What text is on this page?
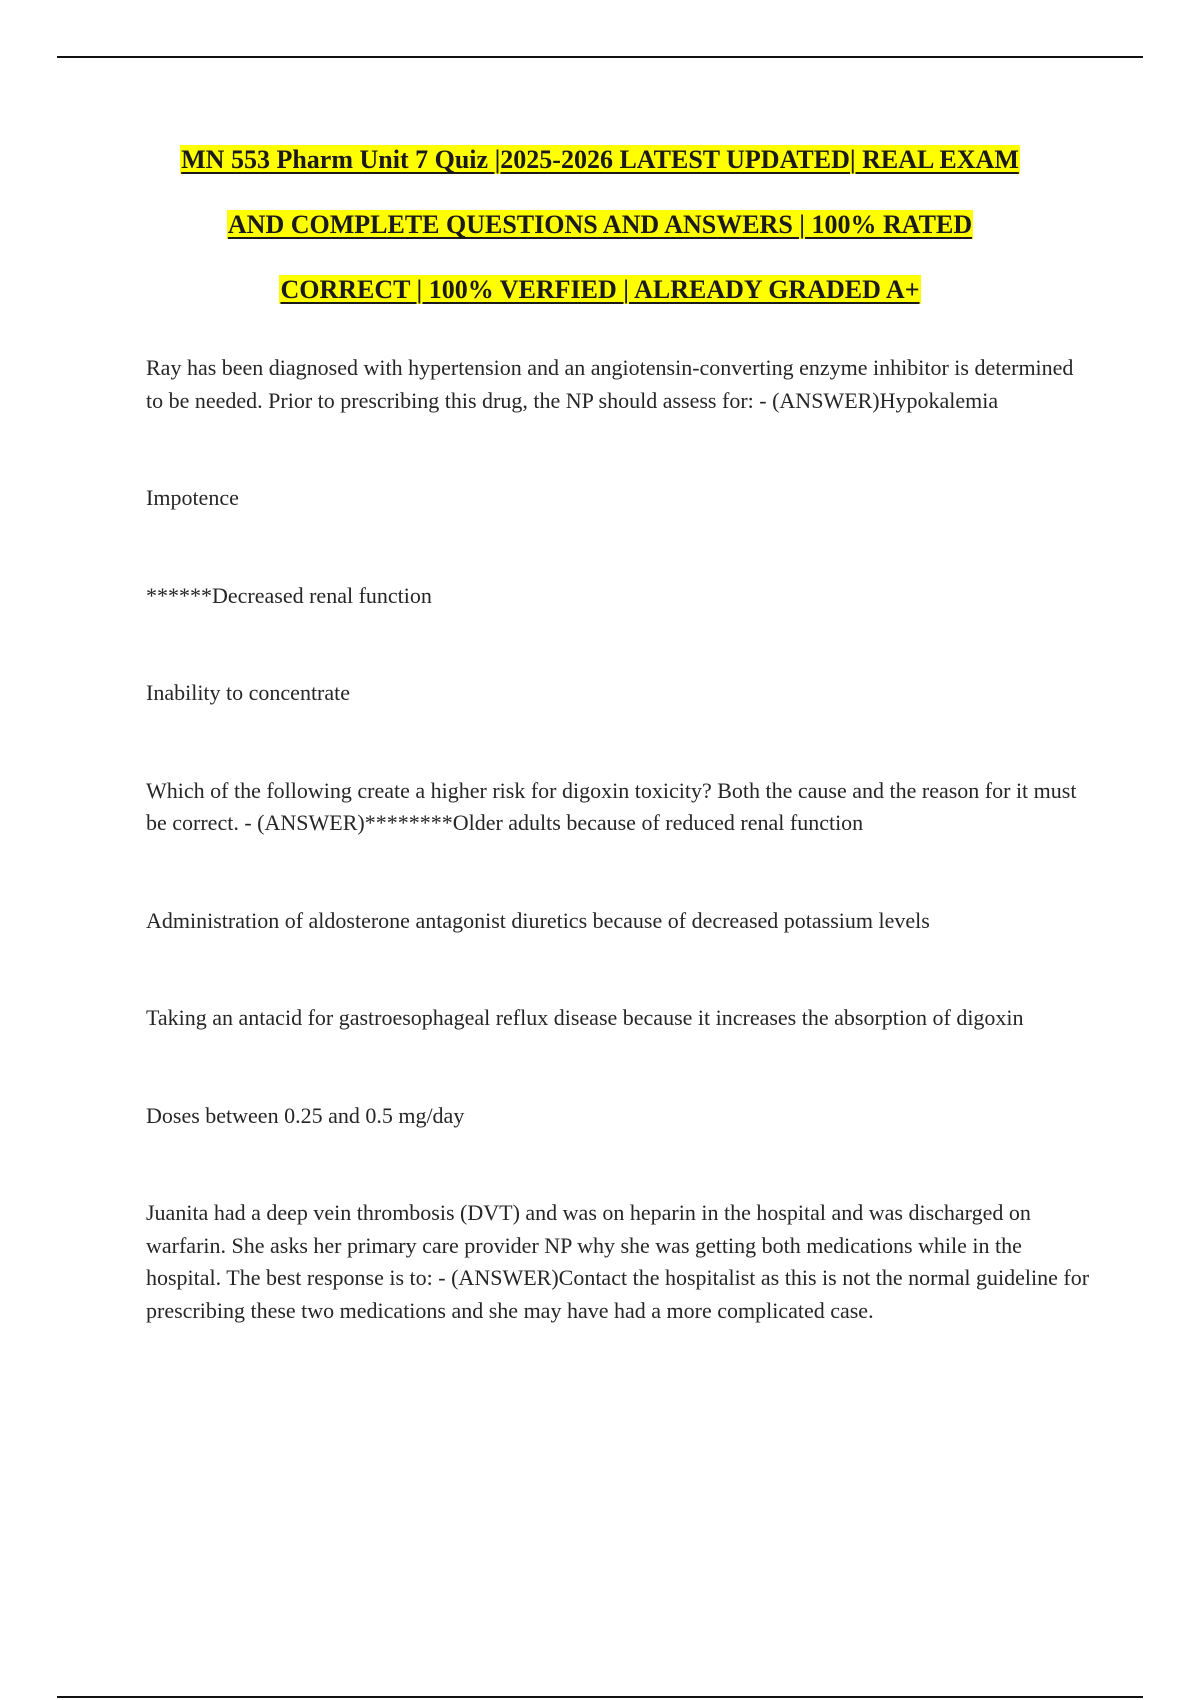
MN 553 Pharm Unit 7 Quiz |2025-2026 LATEST UPDATED| REAL EXAM
AND COMPLETE QUESTIONS AND ANSWERS | 100% RATED
CORRECT | 100% VERFIED | ALREADY GRADED A+

Ray has been diagnosed with hypertension and an angiotensin-converting enzyme inhibitor is determined to be needed. Prior to prescribing this drug, the NP should assess for: - (ANSWER)Hypokalemia

Impotence

******Decreased renal function

Inability to concentrate

Which of the following create a higher risk for digoxin toxicity? Both the cause and the reason for it must be correct. - (ANSWER)********Older adults because of reduced renal function

Administration of aldosterone antagonist diuretics because of decreased potassium levels

Taking an antacid for gastroesophageal reflux disease because it increases the absorption of digoxin

Doses between 0.25 and 0.5 mg/day

Juanita had a deep vein thrombosis (DVT) and was on heparin in the hospital and was discharged on warfarin. She asks her primary care provider NP why she was getting both medications while in the hospital. The best response is to: - (ANSWER)Contact the hospitalist as this is not the normal guideline for prescribing these two medications and she may have had a more complicated case.
